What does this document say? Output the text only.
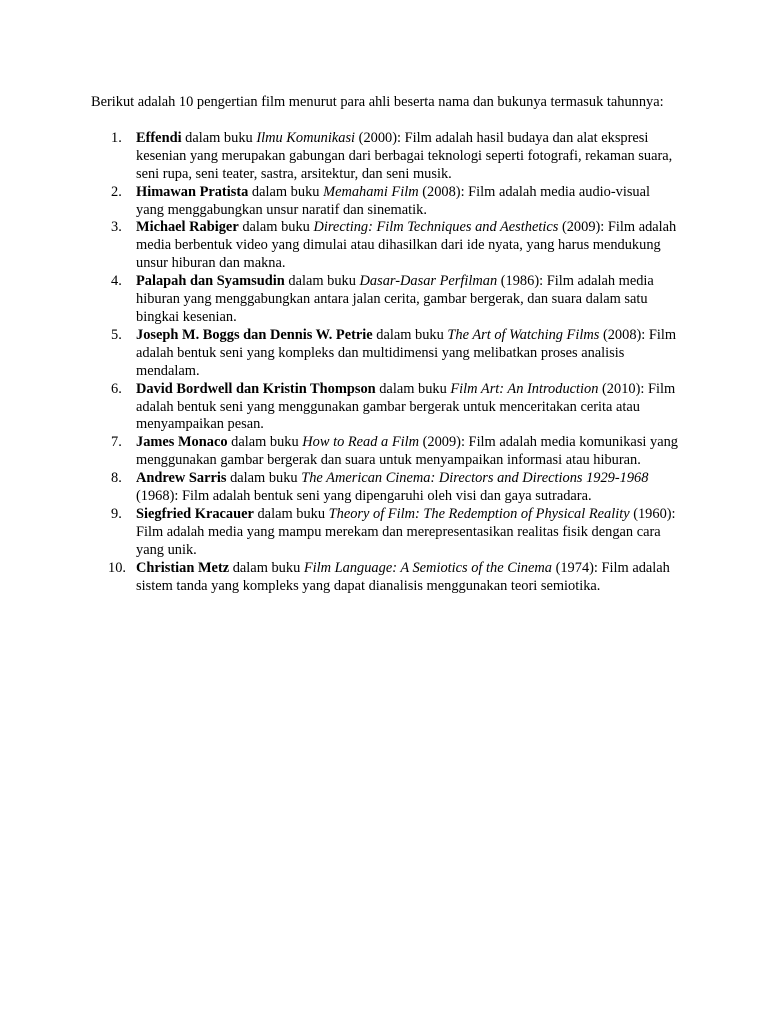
Berikut adalah 10 pengertian film menurut para ahli beserta nama dan bukunya termasuk tahunnya:

1. Effendi dalam buku Ilmu Komunikasi (2000): Film adalah hasil budaya dan alat ekspresi kesenian yang merupakan gabungan dari berbagai teknologi seperti fotografi, rekaman suara, seni rupa, seni teater, sastra, arsitektur, dan seni musik.
2. Himawan Pratista dalam buku Memahami Film (2008): Film adalah media audio-visual yang menggabungkan unsur naratif dan sinematik.
3. Michael Rabiger dalam buku Directing: Film Techniques and Aesthetics (2009): Film adalah media berbentuk video yang dimulai atau dihasilkan dari ide nyata, yang harus mendukung unsur hiburan dan makna.
4. Palapah dan Syamsudin dalam buku Dasar-Dasar Perfilman (1986): Film adalah media hiburan yang menggabungkan antara jalan cerita, gambar bergerak, dan suara dalam satu bingkai kesenian.
5. Joseph M. Boggs dan Dennis W. Petrie dalam buku The Art of Watching Films (2008): Film adalah bentuk seni yang kompleks dan multidimensi yang melibatkan proses analisis mendalam.
6. David Bordwell dan Kristin Thompson dalam buku Film Art: An Introduction (2010): Film adalah bentuk seni yang menggunakan gambar bergerak untuk menceritakan cerita atau menyampaikan pesan.
7. James Monaco dalam buku How to Read a Film (2009): Film adalah media komunikasi yang menggunakan gambar bergerak dan suara untuk menyampaikan informasi atau hiburan.
8. Andrew Sarris dalam buku The American Cinema: Directors and Directions 1929-1968 (1968): Film adalah bentuk seni yang dipengaruhi oleh visi dan gaya sutradara.
9. Siegfried Kracauer dalam buku Theory of Film: The Redemption of Physical Reality (1960): Film adalah media yang mampu merekam dan merepresentasikan realitas fisik dengan cara yang unik.
10. Christian Metz dalam buku Film Language: A Semiotics of the Cinema (1974): Film adalah sistem tanda yang kompleks yang dapat dianalisis menggunakan teori semiotika.
